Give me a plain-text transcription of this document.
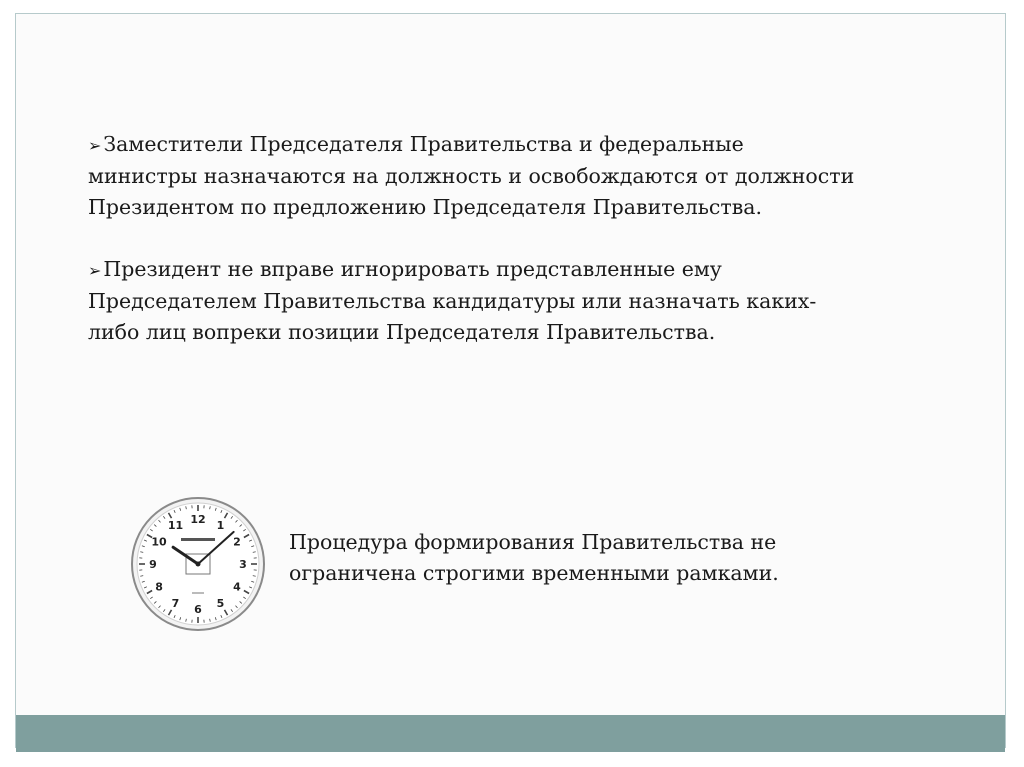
➢Заместители Председателя Правительства и федеральные
министры назначаются на должность и освобождаются от должности
Президентом по предложению Председателя Правительства.

➢Президент не вправе игнорировать представленные ему
Председателем Правительства кандидатуры или назначать каких-
либо лиц вопреки позиции Председателя Правительства.

12 1
2
3
4
5
6
7
8
9
10
11

Процедура формирования Правительства не
ограничена строгими временными рамками.
